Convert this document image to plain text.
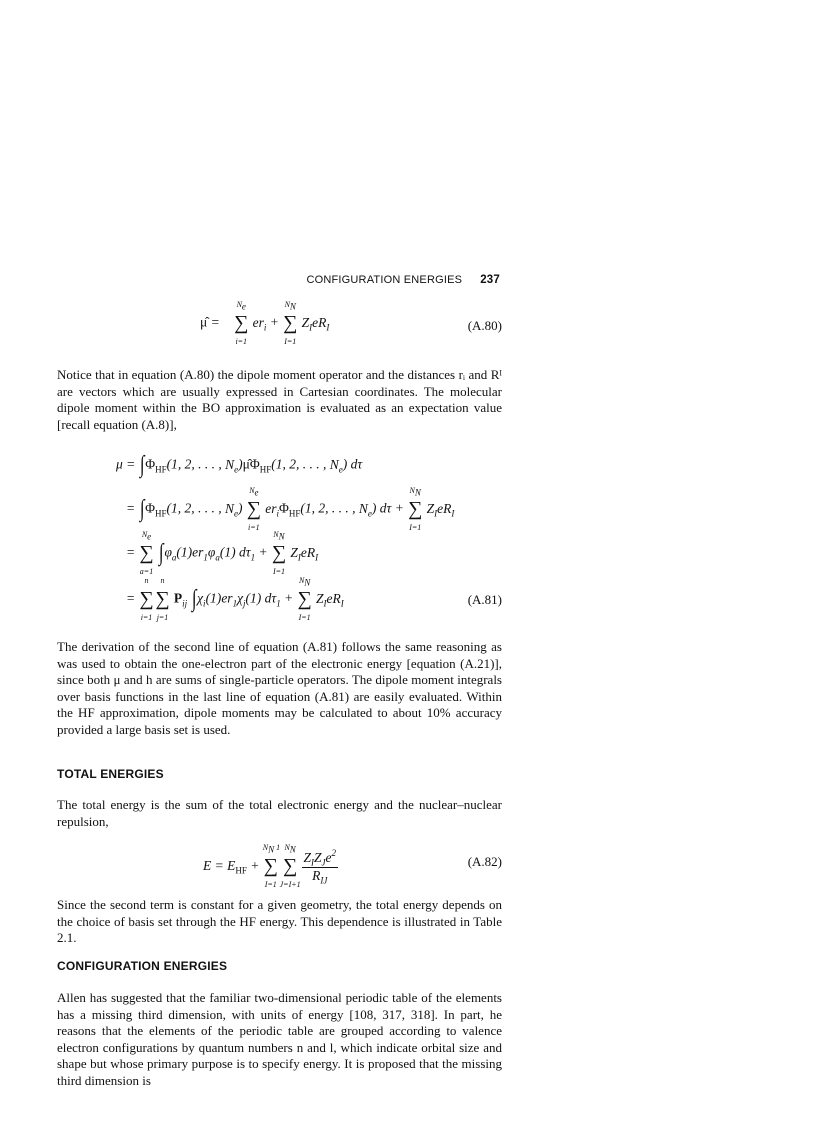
CONFIGURATION ENERGIES 237
μ̂ =    ∑
$N_e$
i=1
$er_i$ + ∑
$N_N$
I=1
$Z_IeR_I$	(A.80)
Notice that in equation (A.80) the dipole moment operator and the distances rᵢ and Rᴵ are vectors which are usually expressed in Cartesian coordinates. The molecular dipole moment within the BO approximation is evaluated as an expectation value [recall equation (A.8)],
$\mu = \int\Phi_{HF}(1$, 2, . . . , $N_e)\mû\Phi_{HF}(1$, 2, . . . , $N_e$) dτ
= $\int\Phi_{HF}(1$, 2, . . . , $N_e$) ∑
$N_e$
i=1
$er_i\Phi_{HF}(1$, 2, . . . , $N_e$) dτ + ∑
$N_N$
I=1
$Z_IeR_I$
= ∑
$N_e$
a=1
$\int\varphi_a(1)er_1\varphi_a(1) d\tau_1$ + ∑
$N_N$
I=1
$Z_IeR_I$
= ∑
n
i=1
∑
n
j=1
$P_{ij}$ $\int\chi_i(1)er_1\chi_j(1) d\tau_1$ + ∑
$N_N$
I=1
$Z_IeR_I$	(A.81)
The derivation of the second line of equation (A.81) follows the same reasoning as was used to obtain the one-electron part of the electronic energy [equation (A.21)], since both μ and h are sums of single-particle operators. The dipole moment integrals over basis functions in the last line of equation (A.81) are easily evaluated. Within the HF approximation, dipole moments may be calculated to about 10% accuracy provided a large basis set is used.
TOTAL ENERGIES
The total energy is the sum of the total electronic energy and the nuclear–nuclear repulsion,
$E = E_{HF}$ + ∑
$N_N$ 1
I=1
∑
$N_N$
J=I+1
$\frac{Z_IZ_Je^2}{R_{IJ}}$	(A.82)
Since the second term is constant for a given geometry, the total energy depends on the choice of basis set through the HF energy. This dependence is illustrated in Table 2.1.
CONFIGURATION ENERGIES
Allen has suggested that the familiar two-dimensional periodic table of the elements has a missing third dimension, with units of energy [108, 317, 318]. In part, he reasons that the elements of the periodic table are grouped according to valence electron configurations by quantum numbers n and l, which indicate orbital size and shape but whose primary purpose is to specify energy. It is proposed that the missing third dimension is
